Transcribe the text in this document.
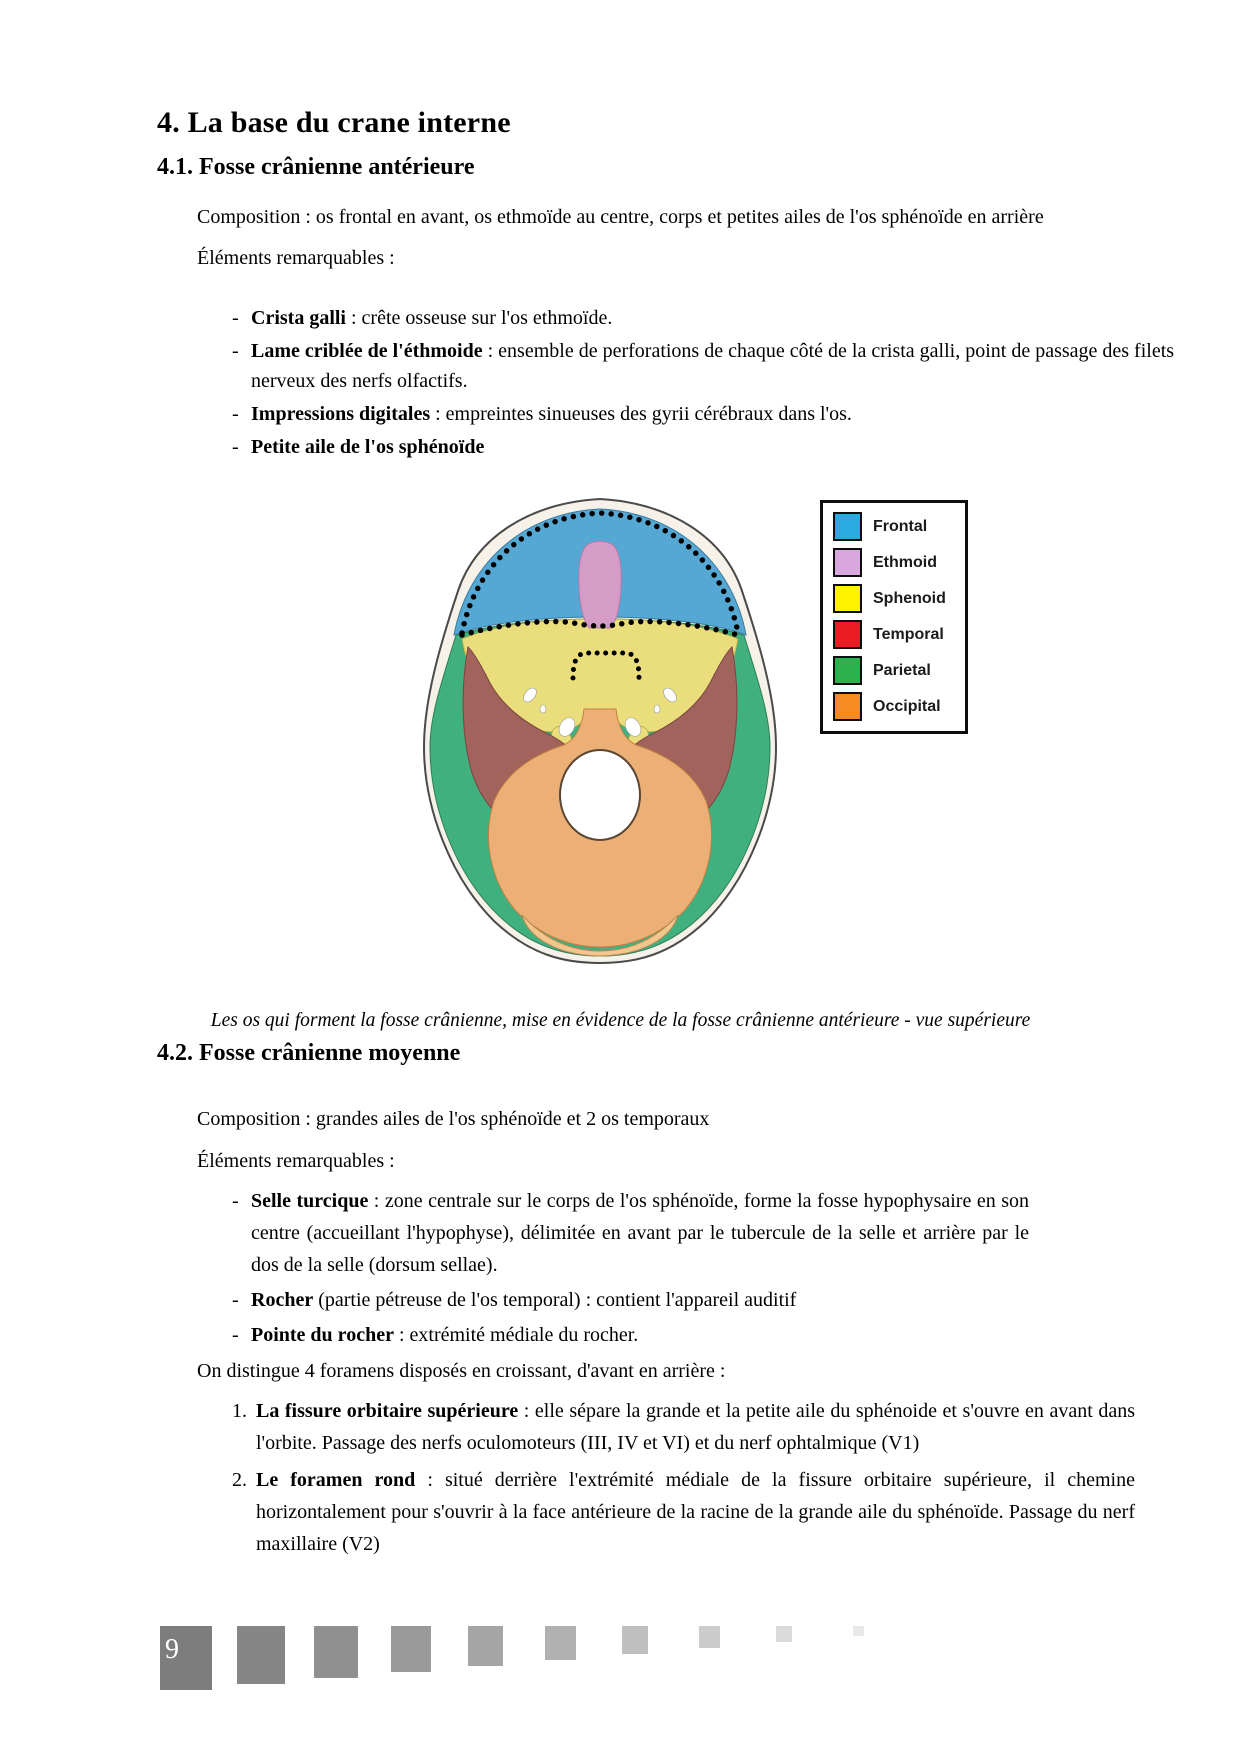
4. La base du crane interne
4.1. Fosse crânienne antérieure

Composition : os frontal en avant, os ethmoïde au centre, corps et petites ailes de l'os sphénoïde en arrière

Éléments remarquables :

- Crista galli : crête osseuse sur l'os ethmoïde.
- Lame criblée de l'éthmoide : ensemble de perforations de chaque côté de la crista galli, point de passage des filets nerveux des nerfs olfactifs.
- Impressions digitales : empreintes sinueuses des gyrii cérébraux dans l'os.
- Petite aile de l'os sphénoïde
Frontal
Ethmoid
Sphenoid
Temporal
Parietal
Occipital

Les os qui forment la fosse crânienne, mise en évidence de la fosse crânienne antérieure - vue supérieure

4.2. Fosse crânienne moyenne

Composition : grandes ailes de l'os sphénoïde et 2 os temporaux

Éléments remarquables :

- Selle turcique : zone centrale sur le corps de l'os sphénoïde, forme la fosse hypophysaire en son centre (accueillant l'hypophyse), délimitée en avant par le tubercule de la selle et arrière par le dos de la selle (dorsum sellae).
- Rocher (partie pétreuse de l'os temporal) : contient l'appareil auditif
- Pointe du rocher : extrémité médiale du rocher.

On distingue 4 foramens disposés en croissant, d'avant en arrière :

1. La fissure orbitaire supérieure : elle sépare la grande et la petite aile du sphénoide et s'ouvre en avant dans l'orbite. Passage des nerfs oculomoteurs (III, IV et VI) et du nerf ophtalmique (V1)
2. Le foramen rond : situé derrière l'extrémité médiale de la fissure orbitaire supérieure, il chemine horizontalement pour s'ouvrir à la face antérieure de la racine de la grande aile du sphénoïde. Passage du nerf maxillaire (V2)
9
